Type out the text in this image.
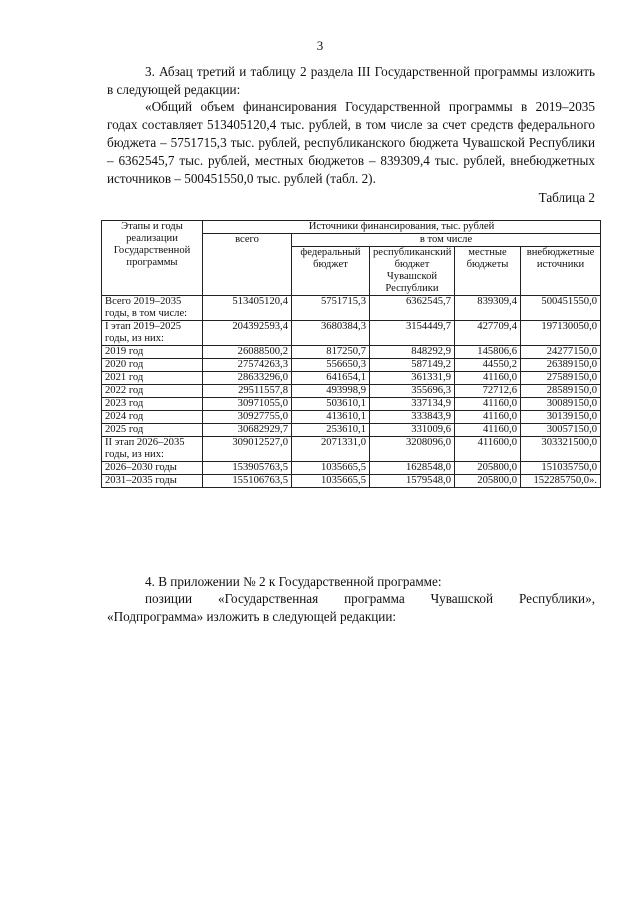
3
3. Абзац третий и таблицу 2 раздела III Государственной программы изложить в следующей редакции:
«Общий объем финансирования Государственной программы в 2019–2035 годах составляет 513405120,4 тыс. рублей, в том числе за счет средств федерального бюджета – 5751715,3 тыс. рублей, республиканского бюджета Чувашской Республики – 6362545,7 тыс. рублей, местных бюджетов – 839309,4 тыс. рублей, внебюджетных источников – 500451550,0 тыс. рублей (табл. 2).
Таблица 2
Этапы и годы реализации Государственной программы	Источники финансирования, тыс. рублей				
	всего	в том числе			
		федеральный бюджет	республиканский бюджет Чувашской Республики	местные бюджеты	внебюджетные источники
Всего 2019–2035 годы, в том числе:	513405120,4	5751715,3	6362545,7	839309,4	500451550,0
I этап 2019–2025 годы, из них:	204392593,4	3680384,3	3154449,7	427709,4	197130050,0
2019 год	26088500,2	817250,7	848292,9	145806,6	24277150,0
2020 год	27574263,3	556650,3	587149,2	44550,2	26389150,0
2021 год	28633296,0	641654,1	361331,9	41160,0	27589150,0
2022 год	29511557,8	493998,9	355696,3	72712,6	28589150,0
2023 год	30971055,0	503610,1	337134,9	41160,0	30089150,0
2024 год	30927755,0	413610,1	333843,9	41160,0	30139150,0
2025 год	30682929,7	253610,1	331009,6	41160,0	30057150,0
II этап 2026–2035 годы, из них:	309012527,0	2071331,0	3208096,0	411600,0	303321500,0
2026–2030 годы	153905763,5	1035665,5	1628548,0	205800,0	151035750,0
2031–2035 годы	155106763,5	1035665,5	1579548,0	205800,0	152285750,0».
4. В приложении № 2 к Государственной программе:
позиции «Государственная программа Чувашской Республики», «Подпрограмма» изложить в следующей редакции:
